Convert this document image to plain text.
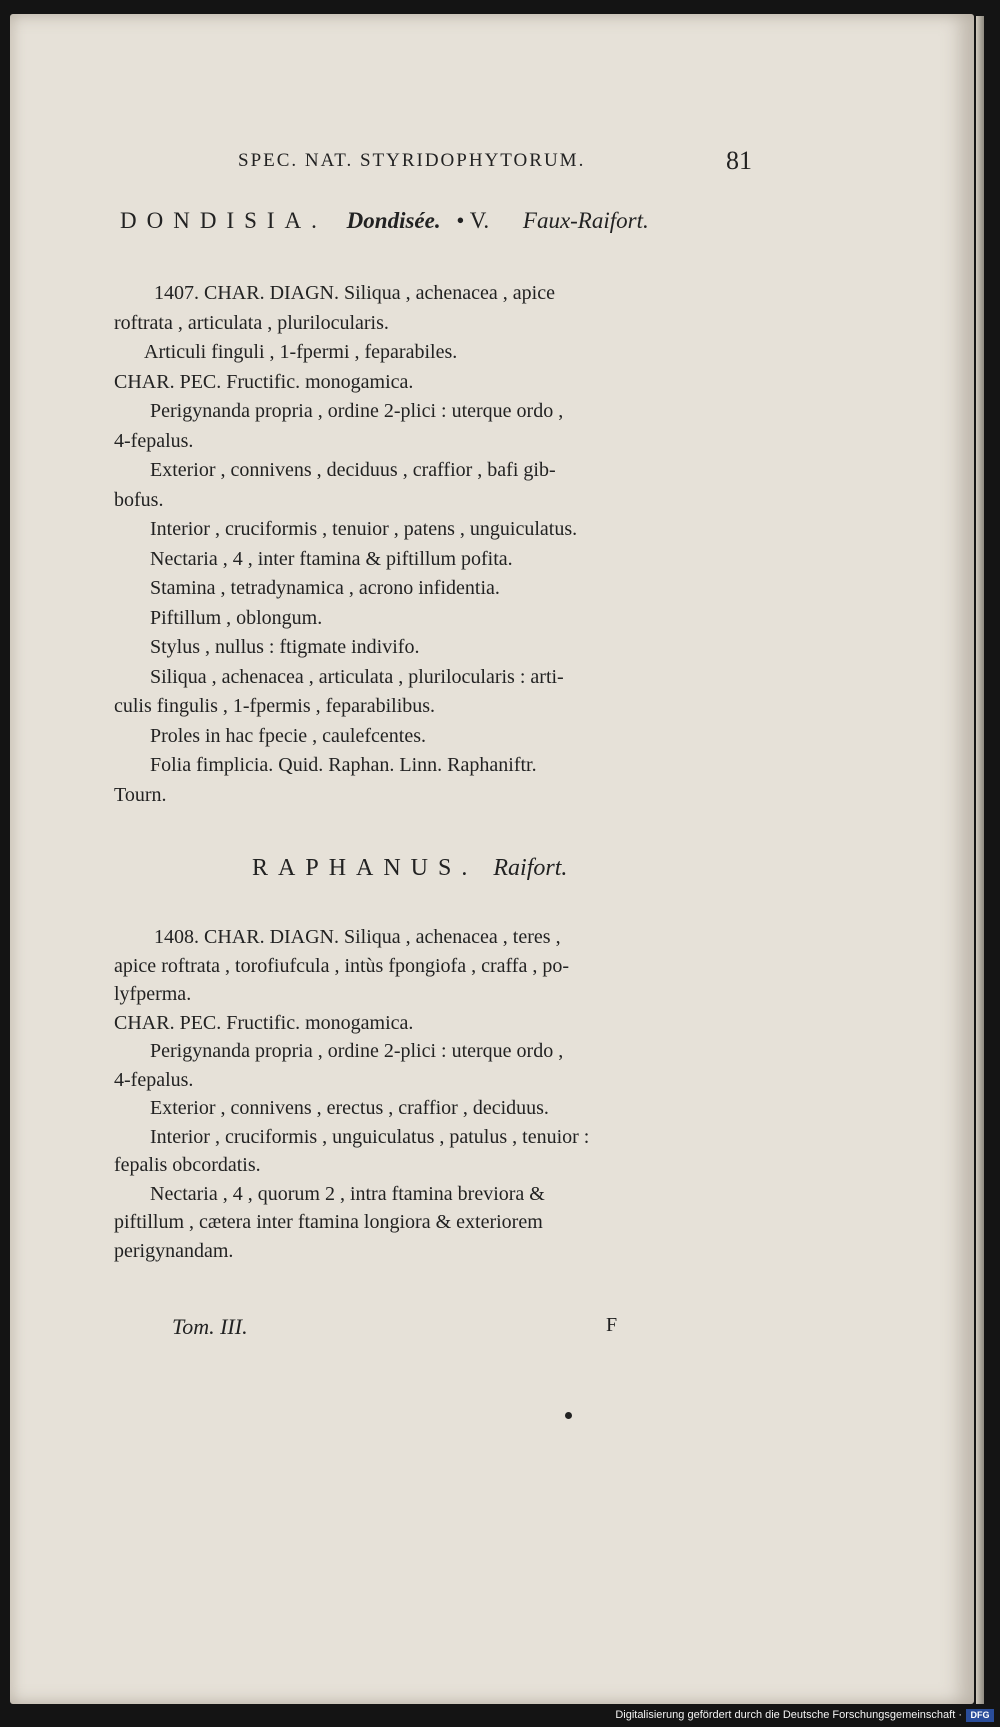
SPEC. NAT. STYRIDOPHYTORUM.	81
DONDISIA. Dondisée. • V. Faux-Raifort.
1407. CHAR. DIAGN. Siliqua , achenacea , apice
roftrata , articulata , plurilocularis.
Articuli finguli , 1-fpermi , feparabiles.
CHAR. PEC. Fructific. monogamica.
Perigynanda propria , ordine 2-plici : uterque ordo ,
4-fepalus.
Exterior , connivens , deciduus , craffior , bafi gib-
bofus.
Interior , cruciformis , tenuior , patens , unguiculatus.
Nectaria , 4 , inter ftamina & piftillum pofita.
Stamina , tetradynamica , acrono infidentia.
Piftillum , oblongum.
Stylus , nullus : ftigmate indivifo.
Siliqua , achenacea , articulata , plurilocularis : arti-
culis fingulis , 1-fpermis , feparabilibus.
Proles in hac fpecie , caulefcentes.
Folia fimplicia. Quid. Raphan. Linn. Raphaniftr.
Tourn.
RAPHANUS. Raifort.
1408. CHAR. DIAGN. Siliqua , achenacea , teres ,
apice roftrata , torofiufcula , intùs fpongiofa , craffa , po-
lyfperma.
CHAR. PEC. Fructific. monogamica.
Perigynanda propria , ordine 2-plici : uterque ordo ,
4-fepalus.
Exterior , connivens , erectus , craffior , deciduus.
Interior , cruciformis , unguiculatus , patulus , tenuior :
fepalis obcordatis.
Nectaria , 4 , quorum 2 , intra ftamina breviora &
piftillum , cætera inter ftamina longiora & exteriorem
perigynandam.
Tom. III.	F
Digitalisierung gefördert durch die Deutsche Forschungsgemeinschaft · DFG
